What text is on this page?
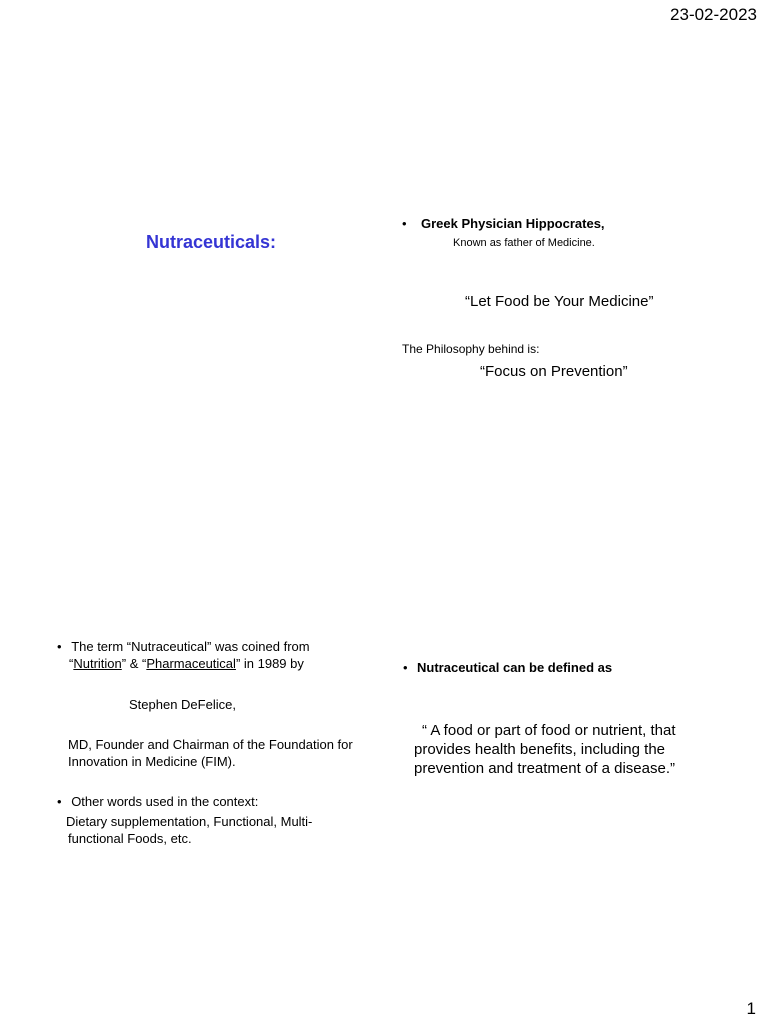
23-02-2023
1
Nutraceuticals:
• Greek Physician Hippocrates,
Known as father of Medicine.
“Let Food be Your Medicine”
The Philosophy behind is:
“Focus on Prevention”
• The term “Nutraceutical” was coined from
“Nutrition” & “Pharmaceutical” in 1989 by
Stephen DeFelice,
MD, Founder and Chairman of the Foundation for
Innovation in Medicine (FIM).
• Other words used in the context:
Dietary supplementation, Functional, Multi-
functional Foods, etc.
• Nutraceutical can be defined as
“ A food or part of food or nutrient, that
provides health benefits, including the
prevention and treatment of a disease.”
